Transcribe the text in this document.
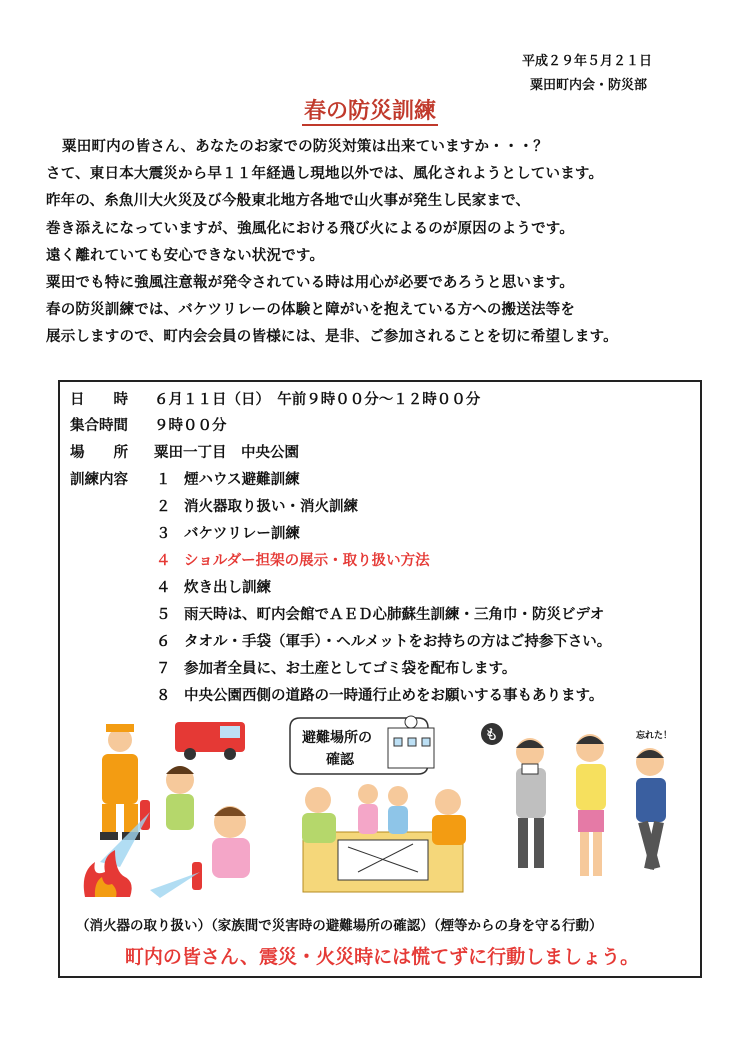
平成２９年５月２１日
粟田町内会・防災部
春の防災訓練

粟田町内の皆さん、あなたのお家での防災対策は出来ていますか・・・？

さて、東日本大震災から早１１年経過し現地以外では、風化されようとしています。

昨年の、糸魚川大火災及び今般東北地方各地で山火事が発生し民家まで、

巻き添えになっていますが、強風化における飛び火によるのが原因のようです。

遠く離れていても安心できない状況です。

粟田でも特に強風注意報が発令されている時は用心が必要であろうと思います。

春の防災訓練では、バケツリレーの体験と障がいを抱えている方への搬送法等を

展示しますので、町内会会員の皆様には、是非、ご参加されることを切に希望します。

日　　時 ６月１１日（日）　午前９時００分～１２時００分
集合時間 ９時００分
場　　所 粟田一丁目　中央公園
訓練内容	１ 煙ハウス避難訓練
２ 消火器取り扱い・消火訓練
３ バケツリレー訓練
４ ショルダー担架の展示・取り扱い方法
４ 炊き出し訓練
５ 雨天時は、町内会館でＡＥＤ心肺蘇生訓練・三角巾・防災ビデオ
６ タオル・手袋（軍手）・ヘルメットをお持ちの方はご持参下さい。
７ 参加者全員に、お土産としてゴミ袋を配布します。
８ 中央公園西側の道路の一時通行止めをお願いする事もあります。
避難場所の
確認
も	忘れた！
（消火器の取り扱い）（家族間で災害時の避難場所の確認）（煙等からの身を守る行動）
町内の皆さん、震災・火災時には慌てずに行動しましょう。
